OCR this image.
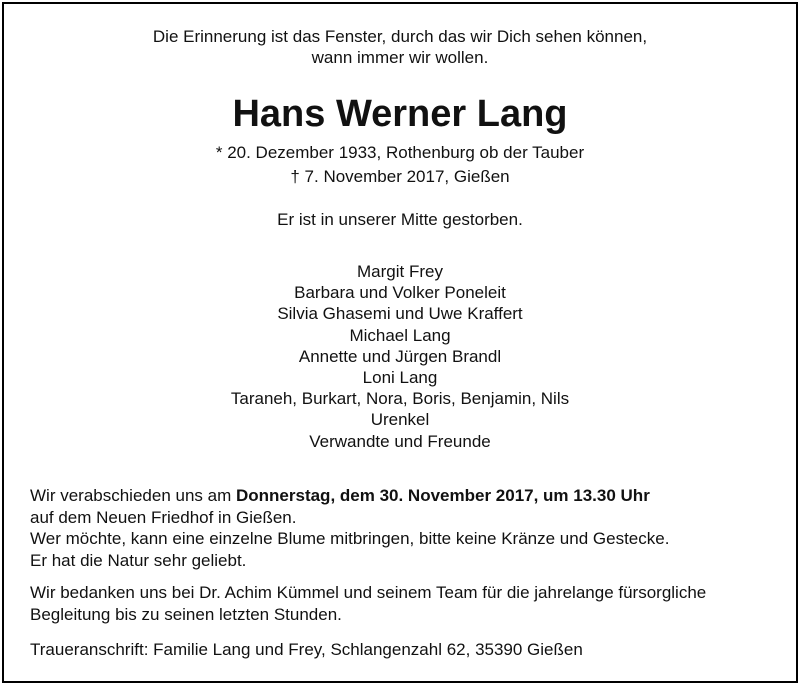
Die Erinnerung ist das Fenster, durch das wir Dich sehen können,
wann immer wir wollen.
Hans Werner Lang
* 20. Dezember 1933, Rothenburg ob der Tauber
† 7. November 2017, Gießen
Er ist in unserer Mitte gestorben.
Margit Frey
Barbara und Volker Poneleit
Silvia Ghasemi und Uwe Kraffert
Michael Lang
Annette und Jürgen Brandl
Loni Lang
Taraneh, Burkart, Nora, Boris, Benjamin, Nils
Urenkel
Verwandte und Freunde
Wir verabschieden uns am Donnerstag, dem 30. November 2017, um 13.30 Uhr
auf dem Neuen Friedhof in Gießen.
Wer möchte, kann eine einzelne Blume mitbringen, bitte keine Kränze und Gestecke.
Er hat die Natur sehr geliebt.
Wir bedanken uns bei Dr. Achim Kümmel und seinem Team für die jahrelange fürsorgliche
Begleitung bis zu seinen letzten Stunden.
Traueranschrift: Familie Lang und Frey, Schlangenzahl 62, 35390 Gießen
